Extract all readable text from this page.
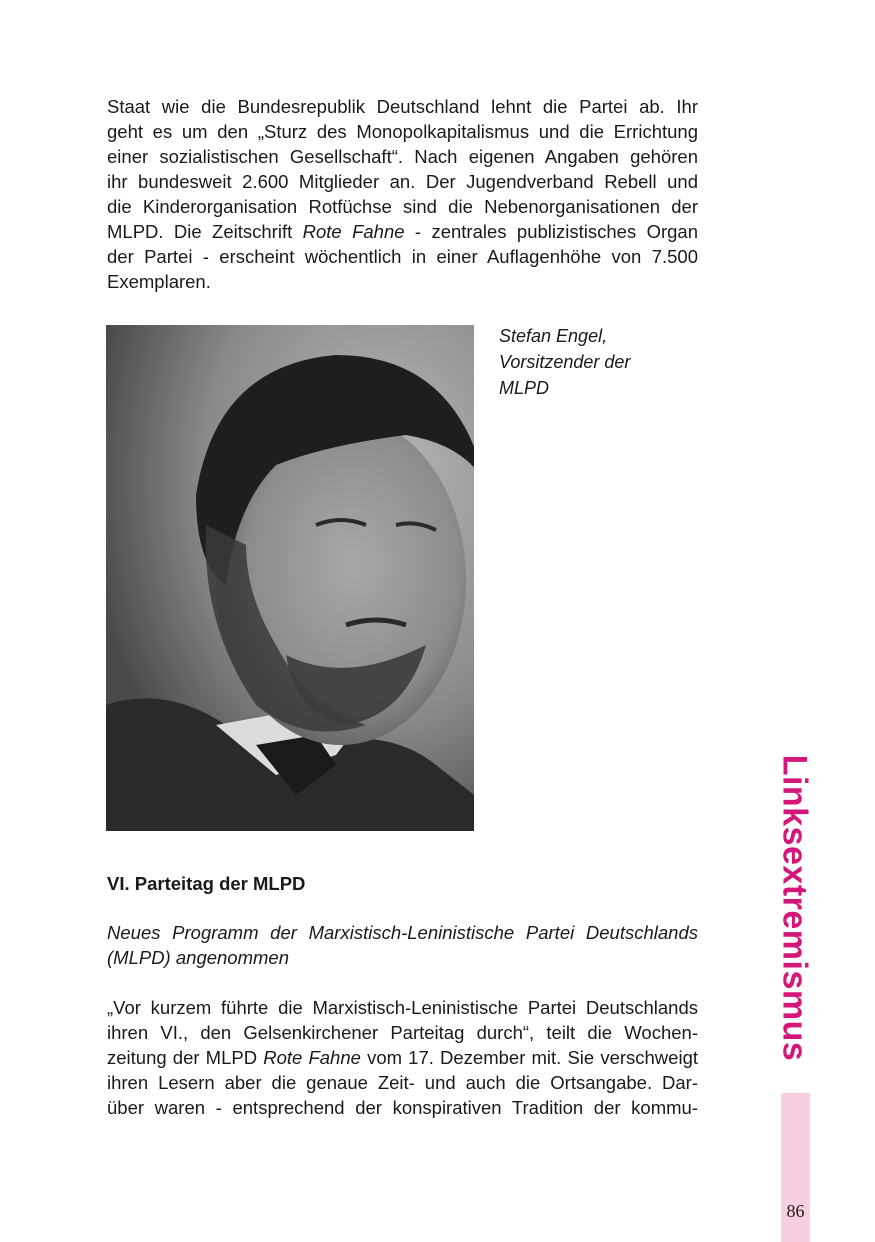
Staat wie die Bundesrepublik Deutschland lehnt die Partei ab. Ihr
geht es um den „Sturz des Monopolkapitalismus und die Errichtung
einer sozialistischen Gesellschaft“. Nach eigenen Angaben gehören
ihr bundesweit 2.600 Mitglieder an. Der Jugendverband Rebell und
die Kinderorganisation Rotfüchse sind die Nebenorganisationen der
MLPD. Die Zeitschrift Rote Fahne - zentrales publizistisches Organ
der Partei - erscheint wöchentlich in einer Auflagenhöhe von 7.500
Exemplaren.
Stefan Engel,
Vorsitzender der
MLPD
VI. Parteitag der MLPD
Neues Programm der Marxistisch-Leninistische Partei Deutschlands
(MLPD) angenommen
„Vor kurzem führte die Marxistisch-Leninistische Partei Deutschlands
ihren VI., den Gelsenkirchener Parteitag durch“, teilt die Wochen-
zeitung der MLPD Rote Fahne vom 17. Dezember mit. Sie verschweigt
ihren Lesern aber die genaue Zeit- und auch die Ortsangabe. Dar-
über waren - entsprechend der konspirativen Tradition der kommu-
Linksextremismus
86
